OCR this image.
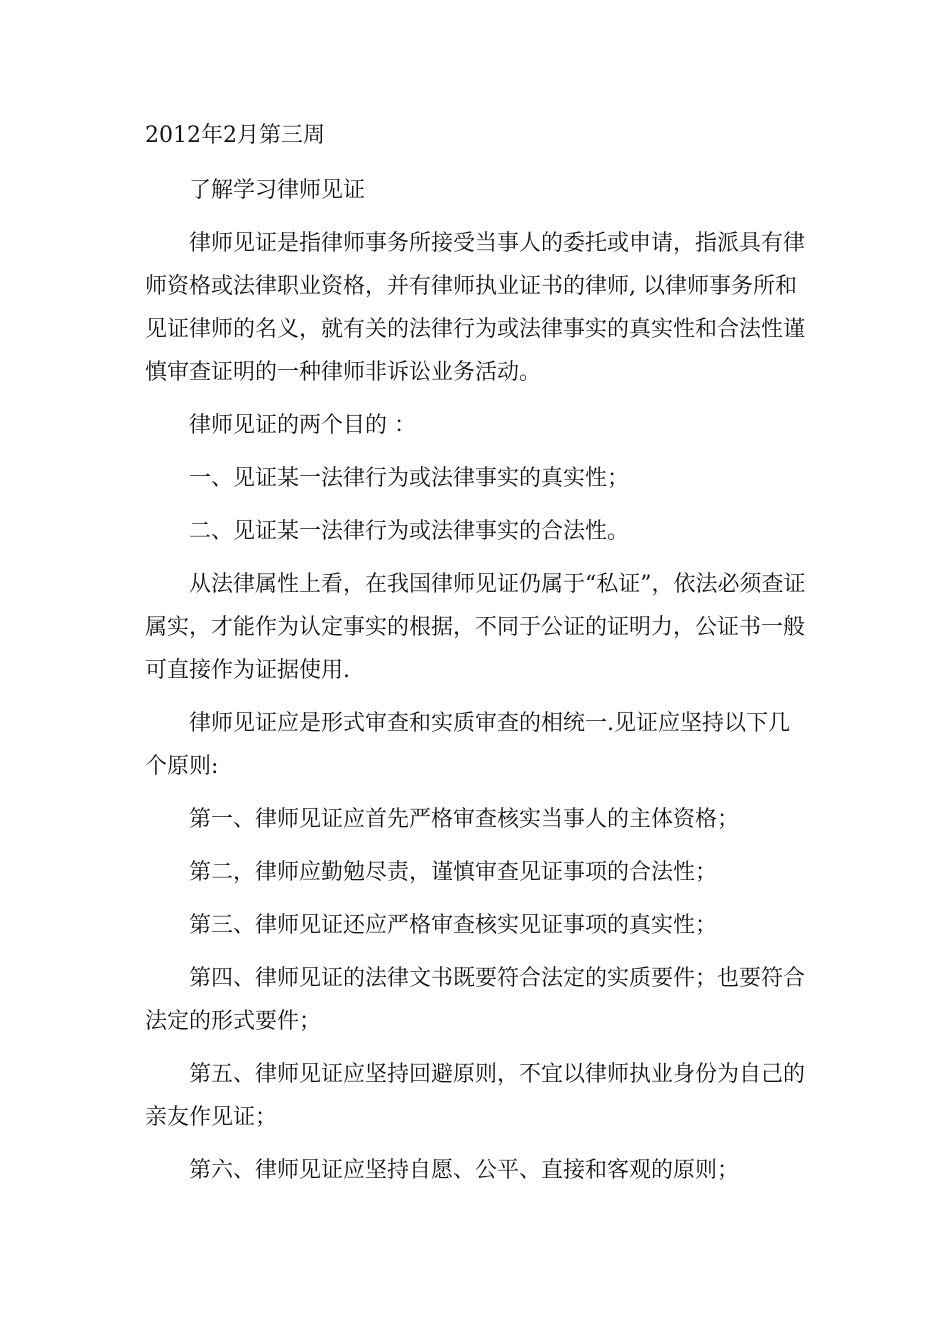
2012年2月第三周
了解学习律师见证
律师见证是指律师事务所接受当事人的委托或申请，指派具有律师资格或法律职业资格，并有律师执业证书的律师, 以律师事务所和见证律师的名义，就有关的法律行为或法律事实的真实性和合法性谨慎审查证明的一种律师非诉讼业务活动。
律师见证的两个目的 ：
一、见证某一法律行为或法律事实的真实性；
二、见证某一法律行为或法律事实的合法性。
从法律属性上看，在我国律师见证仍属于“私证”，依法必须查证属实，才能作为认定事实的根据，不同于公证的证明力，公证书一般可直接作为证据使用.
律师见证应是形式审查和实质审查的相统一.见证应坚持以下几个原则:
第一、律师见证应首先严格审查核实当事人的主体资格；
第二，律师应勤勉尽责，谨慎审查见证事项的合法性；
第三、律师见证还应严格审查核实见证事项的真实性；
第四、律师见证的法律文书既要符合法定的实质要件；也要符合法定的形式要件；
第五、律师见证应坚持回避原则，不宜以律师执业身份为自己的亲友作见证；
第六、律师见证应坚持自愿、公平、直接和客观的原则；
